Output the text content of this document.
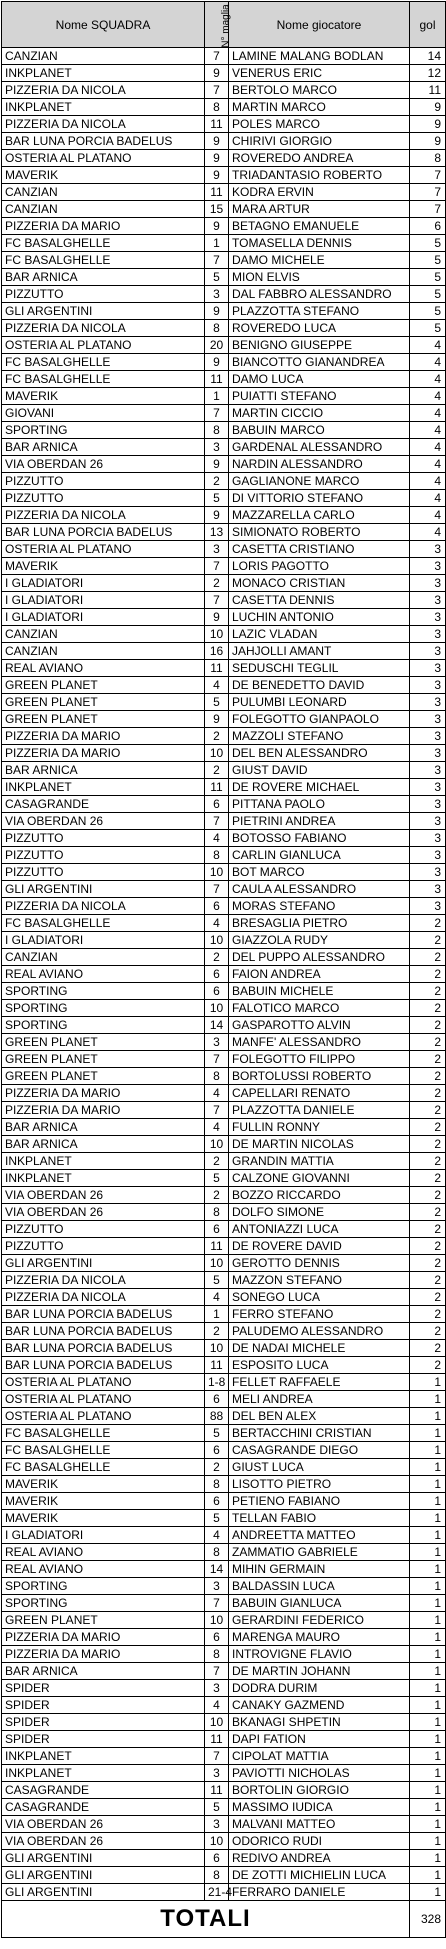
Nome SQUADRA	N° maglia	Nome giocatore	gol
CANZIAN	7	LAMINE MALANG BODLAN	14
INKPLANET	9	VENERUS ERIC	12
PIZZERIA DA NICOLA	7	BERTOLO MARCO	11
INKPLANET	8	MARTIN MARCO	9
PIZZERIA DA NICOLA	11	POLES MARCO	9
BAR LUNA PORCIA BADELUS	9	CHIRIVI GIORGIO	9
OSTERIA AL PLATANO	9	ROVEREDO ANDREA	8
MAVERIK	9	TRIADANTASIO ROBERTO	7
CANZIAN	11	KODRA ERVIN	7
CANZIAN	15	MARA ARTUR	7
PIZZERIA DA MARIO	9	BETAGNO EMANUELE	6
FC BASALGHELLE	1	TOMASELLA DENNIS	5
FC BASALGHELLE	7	DAMO MICHELE	5
BAR ARNICA	5	MION ELVIS	5
PIZZUTTO	3	DAL FABBRO ALESSANDRO	5
GLI ARGENTINI	9	PLAZZOTTA STEFANO	5
PIZZERIA DA NICOLA	8	ROVEREDO LUCA	5
OSTERIA AL PLATANO	20	BENIGNO GIUSEPPE	4
FC BASALGHELLE	9	BIANCOTTO GIANANDREA	4
FC BASALGHELLE	11	DAMO LUCA	4
MAVERIK	1	PUIATTI STEFANO	4
GIOVANI	7	MARTIN CICCIO	4
SPORTING	8	BABUIN MARCO	4
BAR ARNICA	3	GARDENAL ALESSANDRO	4
VIA OBERDAN 26	9	NARDIN ALESSANDRO	4
PIZZUTTO	2	GAGLIANONE MARCO	4
PIZZUTTO	5	DI VITTORIO STEFANO	4
PIZZERIA DA NICOLA	9	MAZZARELLA CARLO	4
BAR LUNA PORCIA BADELUS	13	SIMIONATO ROBERTO	4
OSTERIA AL PLATANO	3	CASETTA CRISTIANO	3
MAVERIK	7	LORIS PAGOTTO	3
I GLADIATORI	2	MONACO CRISTIAN	3
I GLADIATORI	7	CASETTA DENNIS	3
I GLADIATORI	9	LUCHIN ANTONIO	3
CANZIAN	10	LAZIC VLADAN	3
CANZIAN	16	JAHJOLLI AMANT	3
REAL AVIANO	11	SEDUSCHI TEGLIL	3
GREEN PLANET	4	DE BENEDETTO DAVID	3
GREEN PLANET	5	PULUMBI LEONARD	3
GREEN PLANET	9	FOLEGOTTO GIANPAOLO	3
PIZZERIA DA MARIO	2	MAZZOLI STEFANO	3
PIZZERIA DA MARIO	10	DEL BEN ALESSANDRO	3
BAR ARNICA	2	GIUST DAVID	3
INKPLANET	11	DE ROVERE MICHAEL	3
CASAGRANDE	6	PITTANA PAOLO	3
VIA OBERDAN 26	7	PIETRINI ANDREA	3
PIZZUTTO	4	BOTOSSO FABIANO	3
PIZZUTTO	8	CARLIN GIANLUCA	3
PIZZUTTO	10	BOT MARCO	3
GLI ARGENTINI	7	CAULA ALESSANDRO	3
PIZZERIA DA NICOLA	6	MORAS STEFANO	3
FC BASALGHELLE	4	BRESAGLIA PIETRO	2
I GLADIATORI	10	GIAZZOLA RUDY	2
CANZIAN	2	DEL PUPPO ALESSANDRO	2
REAL AVIANO	6	FAION ANDREA	2
SPORTING	6	BABUIN MICHELE	2
SPORTING	10	FALOTICO MARCO	2
SPORTING	14	GASPAROTTO ALVIN	2
GREEN PLANET	3	MANFE' ALESSANDRO	2
GREEN PLANET	7	FOLEGOTTO FILIPPO	2
GREEN PLANET	8	BORTOLUSSI ROBERTO	2
PIZZERIA DA MARIO	4	CAPELLARI RENATO	2
PIZZERIA DA MARIO	7	PLAZZOTTA DANIELE	2
BAR ARNICA	4	FULLIN RONNY	2
BAR ARNICA	10	DE MARTIN NICOLAS	2
INKPLANET	2	GRANDIN MATTIA	2
INKPLANET	5	CALZONE GIOVANNI	2
VIA OBERDAN 26	2	BOZZO RICCARDO	2
VIA OBERDAN 26	8	DOLFO SIMONE	2
PIZZUTTO	6	ANTONIAZZI LUCA	2
PIZZUTTO	11	DE ROVERE DAVID	2
GLI ARGENTINI	10	GEROTTO DENNIS	2
PIZZERIA DA NICOLA	5	MAZZON STEFANO	2
PIZZERIA DA NICOLA	4	SONEGO LUCA	2
BAR LUNA PORCIA BADELUS	1	FERRO STEFANO	2
BAR LUNA PORCIA BADELUS	2	PALUDEMO ALESSANDRO	2
BAR LUNA PORCIA BADELUS	10	DE NADAI MICHELE	2
BAR LUNA PORCIA BADELUS	11	ESPOSITO LUCA	2
OSTERIA AL PLATANO	1-8	FELLET RAFFAELE	1
OSTERIA AL PLATANO	6	MELI ANDREA	1
OSTERIA AL PLATANO	88	DEL BEN ALEX	1
FC BASALGHELLE	5	BERTACCHINI CRISTIAN	1
FC BASALGHELLE	6	CASAGRANDE DIEGO	1
FC BASALGHELLE	2	GIUST LUCA	1
MAVERIK	8	LISOTTO PIETRO	1
MAVERIK	6	PETIENO FABIANO	1
MAVERIK	5	TELLAN FABIO	1
I GLADIATORI	4	ANDREETTA MATTEO	1
REAL AVIANO	8	ZAMMATIO GABRIELE	1
REAL AVIANO	14	MIHIN GERMAIN	1
SPORTING	3	BALDASSIN LUCA	1
SPORTING	7	BABUIN GIANLUCA	1
GREEN PLANET	10	GERARDINI FEDERICO	1
PIZZERIA DA MARIO	6	MARENGA MAURO	1
PIZZERIA DA MARIO	8	INTROVIGNE FLAVIO	1
BAR ARNICA	7	DE MARTIN JOHANN	1
SPIDER	3	DODRA DURIM	1
SPIDER	4	CANAKY GAZMEND	1
SPIDER	10	BKANAGI SHPETIN	1
SPIDER	11	DAPI FATION	1
INKPLANET	7	CIPOLAT MATTIA	1
INKPLANET	3	PAVIOTTI NICHOLAS	1
CASAGRANDE	11	BORTOLIN GIORGIO	1
CASAGRANDE	5	MASSIMO IUDICA	1
VIA OBERDAN 26	3	MALVANI MATTEO	1
VIA OBERDAN 26	10	ODORICO RUDI	1
GLI ARGENTINI	6	REDIVO ANDREA	1
GLI ARGENTINI	8	DE ZOTTI MICHIELIN LUCA	1
GLI ARGENTINI	21-4	FERRARO DANIELE	1
TOTALI			328
